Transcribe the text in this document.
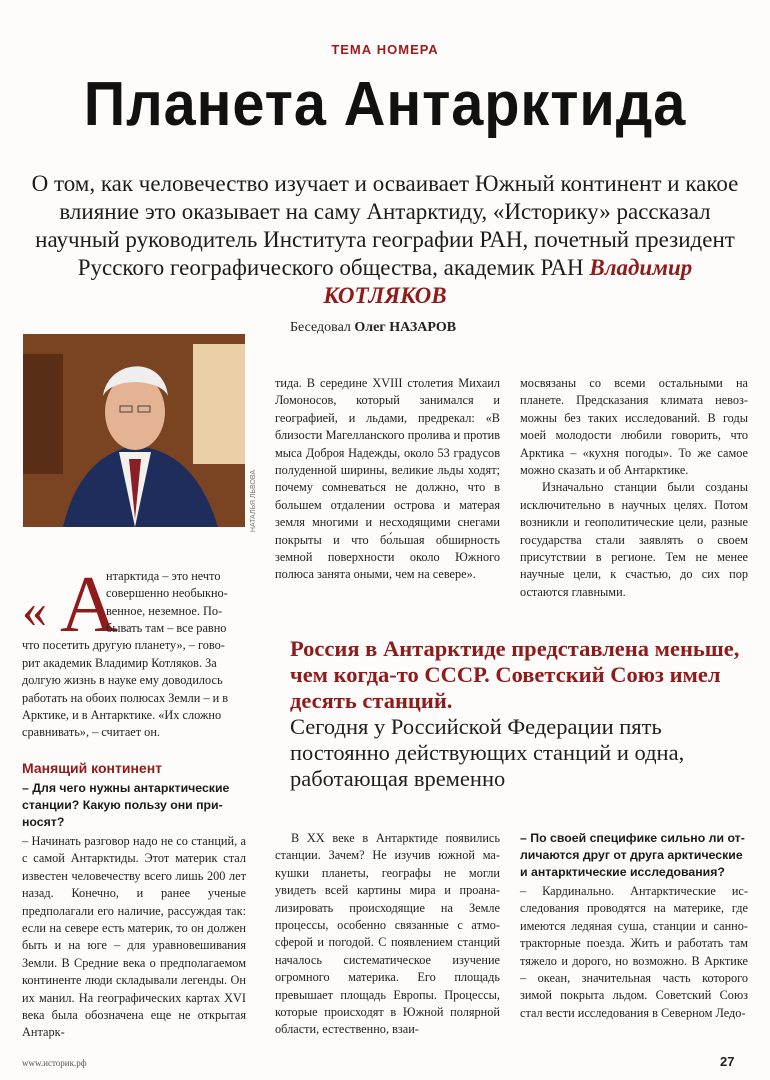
ТЕМА НОМЕРА
Планета Антарктида
О том, как человечество изучает и осваивает Южный континент и какое влияние это оказывает на саму Антарктиду, «Историку» рассказал научный руководитель Института географии РАН, почетный президент Русского географического общества, академик РАН Владимир КОТЛЯКОВ
Беседовал Олег НАЗАРОВ
НАТАЛЬЯ ЛЬВОВА
« А
нтарктида – это нечто
совершенно необыкно-
венное, неземное. По-
бывать там – все равно
что посетить другую планету», – гово-
рит академик Владимир Котляков. За
долгую жизнь в науке ему доводилось
работать на обоих полюсах Земли – и в
Арктике, и в Антарктике. «Их сложно
сравнивать», – считает он.
Манящий континент
– Для чего нужны антарктические станции? Какую пользу они приносят?
– Начинать разговор надо не со станций, а с самой Антарктиды. Этот материк стал известен человечеству всего лишь 200 лет назад. Конечно, и ранее ученые предполагали его наличие, рассуждая так: если на севере есть материк, то он должен быть и на юге – для уравновешивания Земли. В Средние века о предполагаемом континенте люди складывали легенды. Он их манил. На географических картах XVI века была обозначена еще не открытая Антарк-
тида. В середине XVIII столетия Михаил Ломоносов, который занимался и географией, и льдами, предрекал: «В близости Магелланского пролива и против мыса Доброя Надежды, около 53 градусов полуденной ширины, великие льды ходят; почему сомневаться не должно, что в большем отдалении острова и матерая земля многими и несходящими снегами покрыты и что бо́льшая обширность земной поверхности около Южного полюса занята оными, чем на севере».

мосвязаны со всеми остальными на планете. Предсказания климата невозможны без таких исследований. В годы моей молодости любили говорить, что Арктика – «кухня погоды». То же самое можно сказать и об Антарктике.

Изначально станции были созданы исключительно в научных целях. Потом возникли и геополитические цели, разные государства стали заявлять о своем присутствии в регионе. Тем не менее научные цели, к счастью, до сих пор остаются главными.

Россия в Антарктиде представлена меньше, чем когда-то СССР. Советский Союз имел десять станций.
Сегодня у Российской Федерации пять постоянно действующих станций и одна, работающая временно
В XX веке в Антарктиде появились станции. Зачем? Не изучив южной макушки планеты, географы не могли увидеть всей картины мира и проанализировать происходящие на Земле процессы, особенно связанные с атмосферой и погодой. С появлением станций началось систематическое изучение огромного материка. Его площадь превышает площадь Европы. Процессы, которые происходят в Южной полярной области, естественно, взаи-
– По своей специфике сильно ли отличаются друг от друга арктические и антарктические исследования?
– Кардинально. Антарктические исследования проводятся на материке, где имеются ледяная суша, станции и санно-тракторные поезда. Жить и работать там тяжело и дорого, но возможно. В Арктике – океан, значительная часть которого зимой покрыта льдом. Советский Союз стал вести исследования в Северном Ледо-
www.историк.рф	27
